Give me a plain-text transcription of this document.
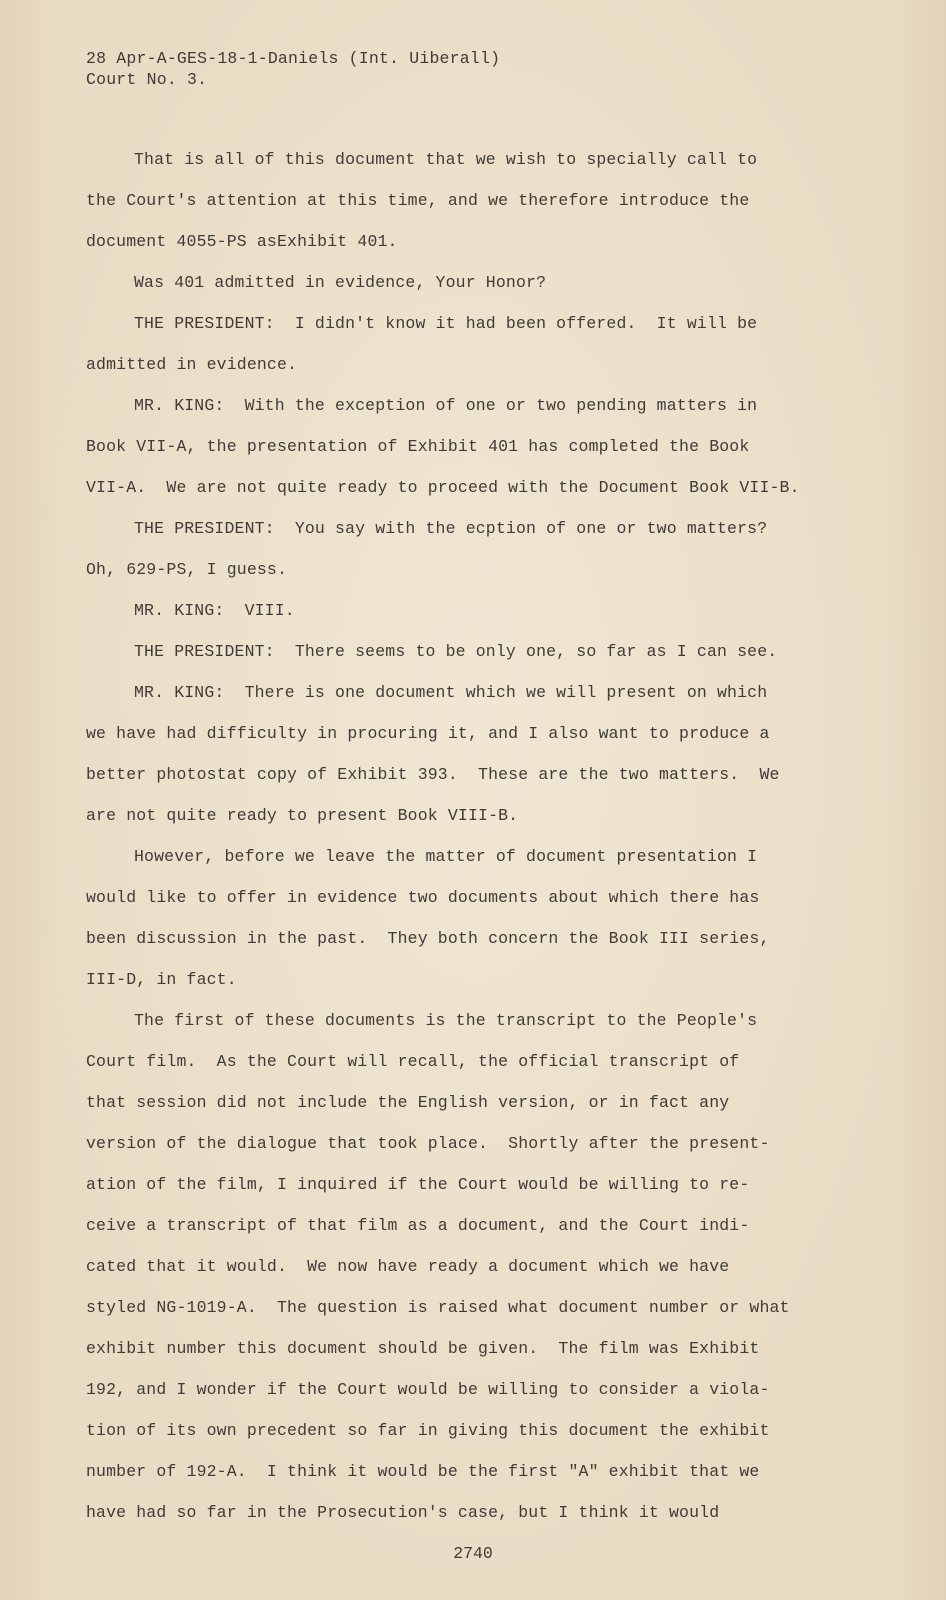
28 Apr-A-GES-18-1-Daniels (Int. Uiberall)
Court No. 3.
That is all of this document that we wish to specially call to
the Court's attention at this time, and we therefore introduce the
document 4055-PS asExhibit 401.
Was 401 admitted in evidence, Your Honor?
THE PRESIDENT:  I didn't know it had been offered.  It will be
admitted in evidence.
MR. KING:  With the exception of one or two pending matters in
Book VII-A, the presentation of Exhibit 401 has completed the Book
VII-A.  We are not quite ready to proceed with the Document Book VII-B.
THE PRESIDENT:  You say with the ecption of one or two matters?
Oh, 629-PS, I guess.
MR. KING:  VIII.
THE PRESIDENT:  There seems to be only one, so far as I can see.
MR. KING:  There is one document which we will present on which
we have had difficulty in procuring it, and I also want to produce a
better photostat copy of Exhibit 393.  These are the two matters.  We
are not quite ready to present Book VIII-B.
However, before we leave the matter of document presentation I
would like to offer in evidence two documents about which there has
been discussion in the past.  They both concern the Book III series,
III-D, in fact.
The first of these documents is the transcript to the People's
Court film.  As the Court will recall, the official transcript of
that session did not include the English version, or in fact any
version of the dialogue that took place.  Shortly after the present-
ation of the film, I inquired if the Court would be willing to re-
ceive a transcript of that film as a document, and the Court indi-
cated that it would.  We now have ready a document which we have
styled NG-1019-A.  The question is raised what document number or what
exhibit number this document should be given.  The film was Exhibit
192, and I wonder if the Court would be willing to consider a viola-
tion of its own precedent so far in giving this document the exhibit
number of 192-A.  I think it would be the first "A" exhibit that we
have had so far in the Prosecution's case, but I think it would
2740
